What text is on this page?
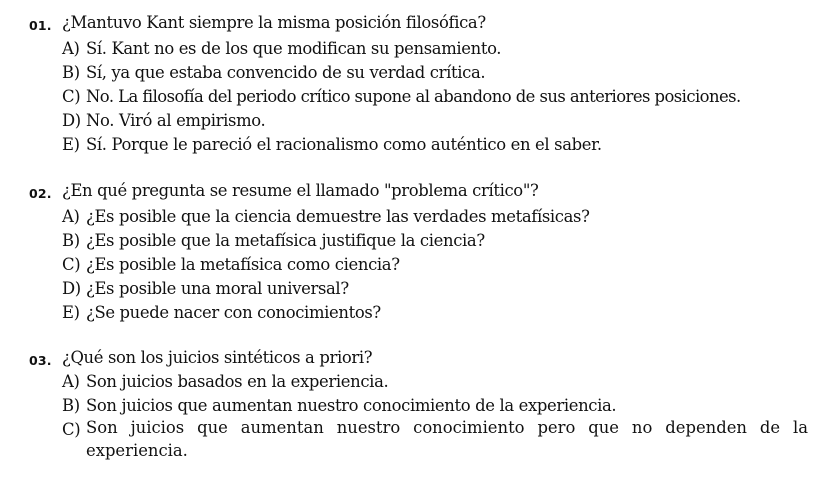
01. ¿Mantuvo Kant siempre la misma posición filosófica?
A) Sí. Kant no es de los que modifican su pensamiento.
B) Sí, ya que estaba convencido de su verdad crítica.
C) No. La filosofía del periodo crítico supone al abandono de sus anteriores posiciones.
D) No. Viró al empirismo.
E) Sí. Porque le pareció el racionalismo como auténtico en el saber.
02. ¿En qué pregunta se resume el llamado "problema crítico"?
A) ¿Es posible que la ciencia demuestre las verdades metafísicas?
B) ¿Es posible que la metafísica justifique la ciencia?
C) ¿Es posible la metafísica como ciencia?
D) ¿Es posible una moral universal?
E) ¿Se puede nacer con conocimientos?
03. ¿Qué son los juicios sintéticos a priori?
A) Son juicios basados en la experiencia.
B) Son juicios que aumentan nuestro conocimiento de la experiencia.
C) Son juicios que aumentan nuestro conocimiento pero que no dependen de la experiencia.
